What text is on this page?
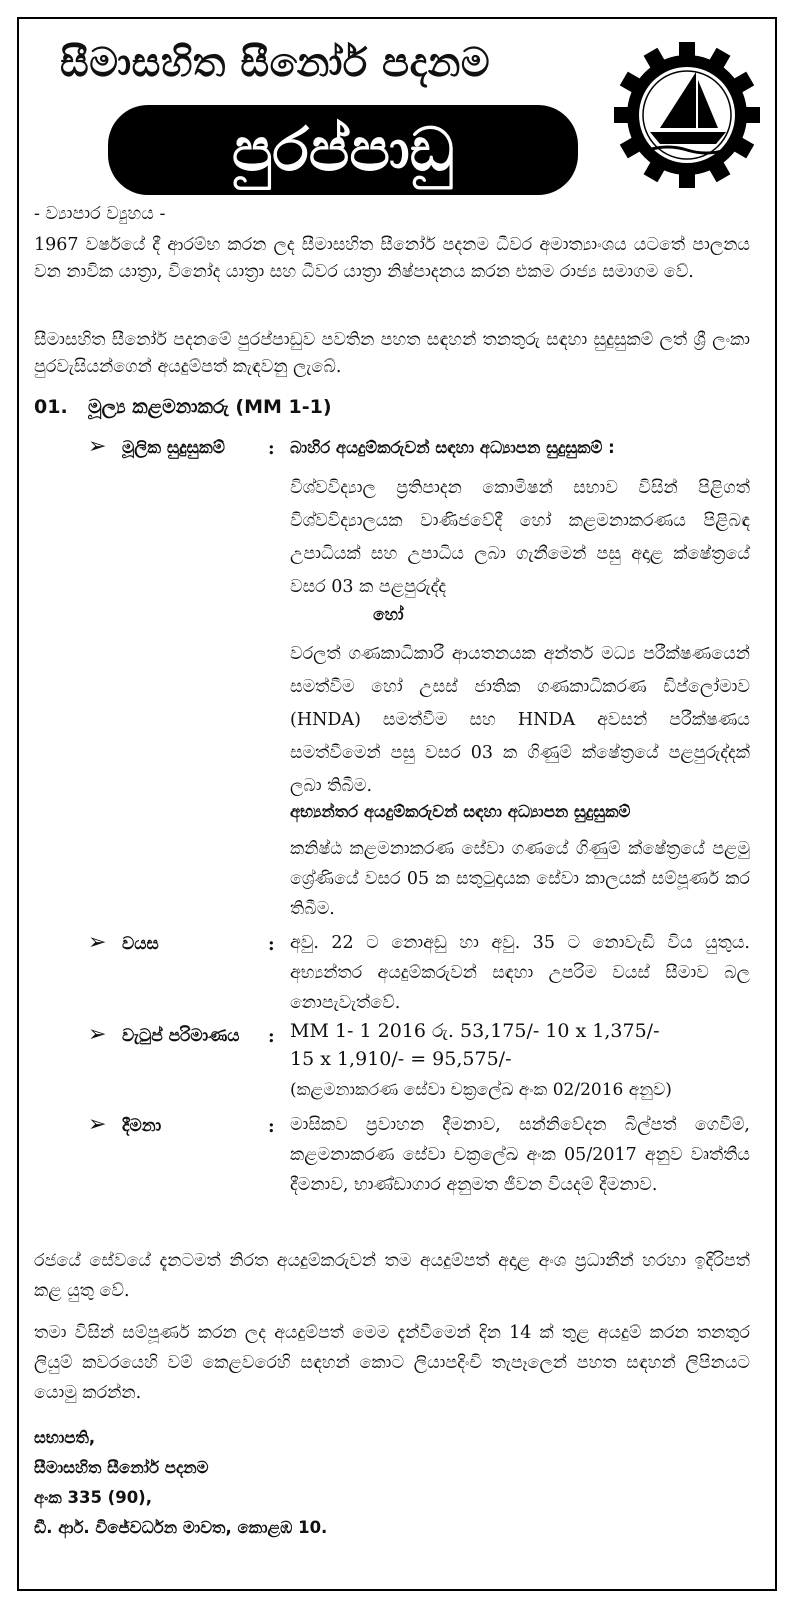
සීමාසහිත සීනෝර් පදනම
පුරප්පාඩු
- ව්‍යාපාර ව්‍යුහය -
1967 වර්ෂයේ දී ආරම්භ කරන ලද සීමාසහිත සීනෝර් පදනම ධීවර අමාත්‍යාංශය යටතේ පාලනය වන නාවික යාත්‍රා, විනෝද යාත්‍රා සහ ධීවර යාත්‍රා නිෂ්පාදනය කරන එකම රාජ්‍ය සමාගම වේ.
සීමාසහිත සීනෝර් පදනමේ පුරප්පාඩුව පවතින පහත සඳහන් තනතුරු සඳහා සුදුසුකම් ලත් ශ්‍රී ලංකා පුරවැසියන්ගෙන් අයදුම්පත් කැඳවනු ලැබේ.
01. මූල්‍ය කළමනාකරු (MM 1-1)
➢ මූලික සුදුසුකම් : බාහිර අයදුම්කරුවන් සඳහා අධ්‍යාපන සුදුසුකම් :
විශ්වවිද්‍යාල ප්‍රතිපාදන කොමිෂන් සභාව විසින් පිළිගත් විශ්වවිද්‍යාලයක වාණිජවේදී හෝ කළමනාකරණය පිළිබඳ උපාධියක් සහ උපාධිය ලබා ගැනීමෙන් පසු අදාළ ක්ෂේත්‍රයේ වසර 03 ක පළපුරුද්ද
හෝ
වරලත් ගණකාධිකාරී ආයතනයක අන්තර් මධ්‍ය පරීක්ෂණයෙන් සමත්වීම හෝ උසස් ජාතික ගණකාධිකරණ ඩිප්ලෝමාව (HNDA) සමත්වීම සහ HNDA අවසන් පරීක්ෂණය සමත්වීමෙන් පසු වසර 03 ක ගිණුම් ක්ෂේත්‍රයේ පළපුරුද්දක් ලබා තිබීම.
අභ්‍යන්තර අයදුම්කරුවන් සඳහා අධ්‍යාපන සුදුසුකම්
කනිෂ්ඨ කළමනාකරණ සේවා ගණයේ ගිණුම් ක්ෂේත්‍රයේ පළමු ශ්‍රේණියේ වසර 05 ක සතුටුදායක සේවා කාලයක් සම්පූර්ණ කර තිබීම.
➢ වයස	: අවු. 22 ට නොඅඩු හා අවු. 35 ට නොවැඩි විය යුතුය. අභ්‍යන්තර අයදුම්කරුවන් සඳහා උපරිම වයස් සීමාව බල නොපැවැත්වේ.
➢ වැටුප් පරිමාණය : MM 1- 1 2016 රු. 53,175/- 10 x 1,375/-
15 x 1,910/- = 95,575/-
(කළමනාකරණ සේවා චක්‍රලේඛ අංක 02/2016 අනුව)
➢ දීමනා	: මාසිකව ප්‍රවාහන දීමනාව, සන්නිවේදන බිල්පත් ගෙවීම්, කළමනාකරණ සේවා චක්‍රලේඛ අංක 05/2017 අනුව වෘත්තීය දීමනාව, භාණ්ඩාගාර අනුමත ජීවන වියදම් දීමනාව.
රජයේ සේවයේ දැනටමත් නිරත අයදුම්කරුවන් තම අයදුම්පත් අදාළ අංශ ප්‍රධානීන් හරහා ඉදිරිපත් කළ යුතු වේ.
තමා විසින් සම්පූර්ණ කරන ලද අයදුම්පත් මෙම දැන්වීමෙන් දින 14 ක් තුළ අයදුම් කරන තනතුර ලියුම් කවරයෙහි වම් කෙළවරෙහි සඳහන් කොට ලියාපදිංචි තැපෑලෙන් පහත සඳහන් ලිපිනයට යොමු කරන්න.
සභාපති,
සීමාසහිත සීනෝර් පදනම
අංක 335 (90),
ඩී. ආර්. විජේවර්ධන මාවත, කොළඹ 10.
